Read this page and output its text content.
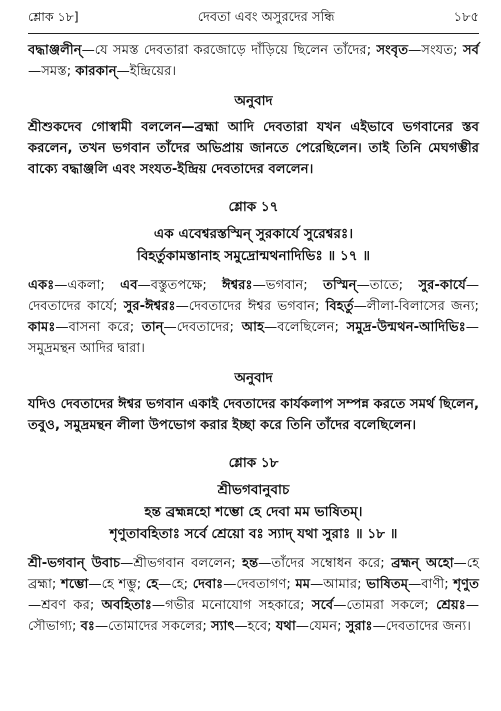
শ্লোক ১৮]	দেবতা এবং অসুরদের সন্ধি	১৮৫

বদ্ধাঞ্জলীন্—যে সমস্ত দেবতারা করজোড়ে দাঁড়িয়ে ছিলেন তাঁদের; সংবৃত—সংযত; সর্ব—সমস্ত; কারকান্—ইন্দ্রিয়ের।

অনুবাদ

শ্রীশুকদেব গোস্বামী বললেন—ব্রহ্মা আদি দেবতারা যখন এইভাবে ভগবানের স্তব করলেন, তখন ভগবান তাঁদের অভিপ্রায় জানতে পেরেছিলেন। তাই তিনি মেঘগম্ভীর বাক্যে বদ্ধাঞ্জলি এবং সংযত-ইন্দ্রিয় দেবতাদের বললেন।

শ্লোক ১৭
এক এবেশ্বরস্তস্মিন্ সুরকার্যে সুরেশ্বরঃ।
বিহর্তুকামস্তানাহ সমুদ্রোন্মথনাদিভিঃ ॥ ১৭ ॥

একঃ—একলা; এব—বস্তুতপক্ষে; ঈশ্বরঃ—ভগবান; তস্মিন্—তাতে; সুর-কার্যে—দেবতাদের কার্যে; সুর-ঈশ্বরঃ—দেবতাদের ঈশ্বর ভগবান; বিহর্তু—লীলা-বিলাসের জন্য; কামঃ—বাসনা করে; তান্—দেবতাদের; আহ—বলেছিলেন; সমুদ্র-উন্মথন-আদিভিঃ—সমুদ্রমন্থন আদির দ্বারা।

অনুবাদ

যদিও দেবতাদের ঈশ্বর ভগবান একাই দেবতাদের কার্যকলাপ সম্পন্ন করতে সমর্থ ছিলেন, তবুও, সমুদ্রমন্থন লীলা উপভোগ করার ইচ্ছা করে তিনি তাঁদের বলেছিলেন।

শ্লোক ১৮
শ্রীভগবানুবাচ
হন্ত ব্রহ্মন্নহো শম্ভো হে দেবা মম ভাষিতম্।
শৃণুতাবহিতাঃ সর্বে শ্রেয়ো বঃ স্যাদ্ যথা সুরাঃ ॥ ১৮ ॥

শ্রী-ভগবান্ উবাচ—শ্রীভগবান বললেন; হন্ত—তাঁদের সম্বোধন করে; ব্রহ্মন্ অহো—হে ব্রহ্মা; শম্ভো—হে শম্ভু; হে—হে; দেবাঃ—দেবতাগণ; মম—আমার; ভাষিতম্—বাণী; শৃণুত—শ্রবণ কর; অবহিতাঃ—গভীর মনোযোগ সহকারে; সর্বে—তোমরা সকলে; শ্রেয়ঃ—সৌভাগ্য; বঃ—তোমাদের সকলের; স্যাৎ—হবে; যথা—যেমন; সুরাঃ—দেবতাদের জন্য।
